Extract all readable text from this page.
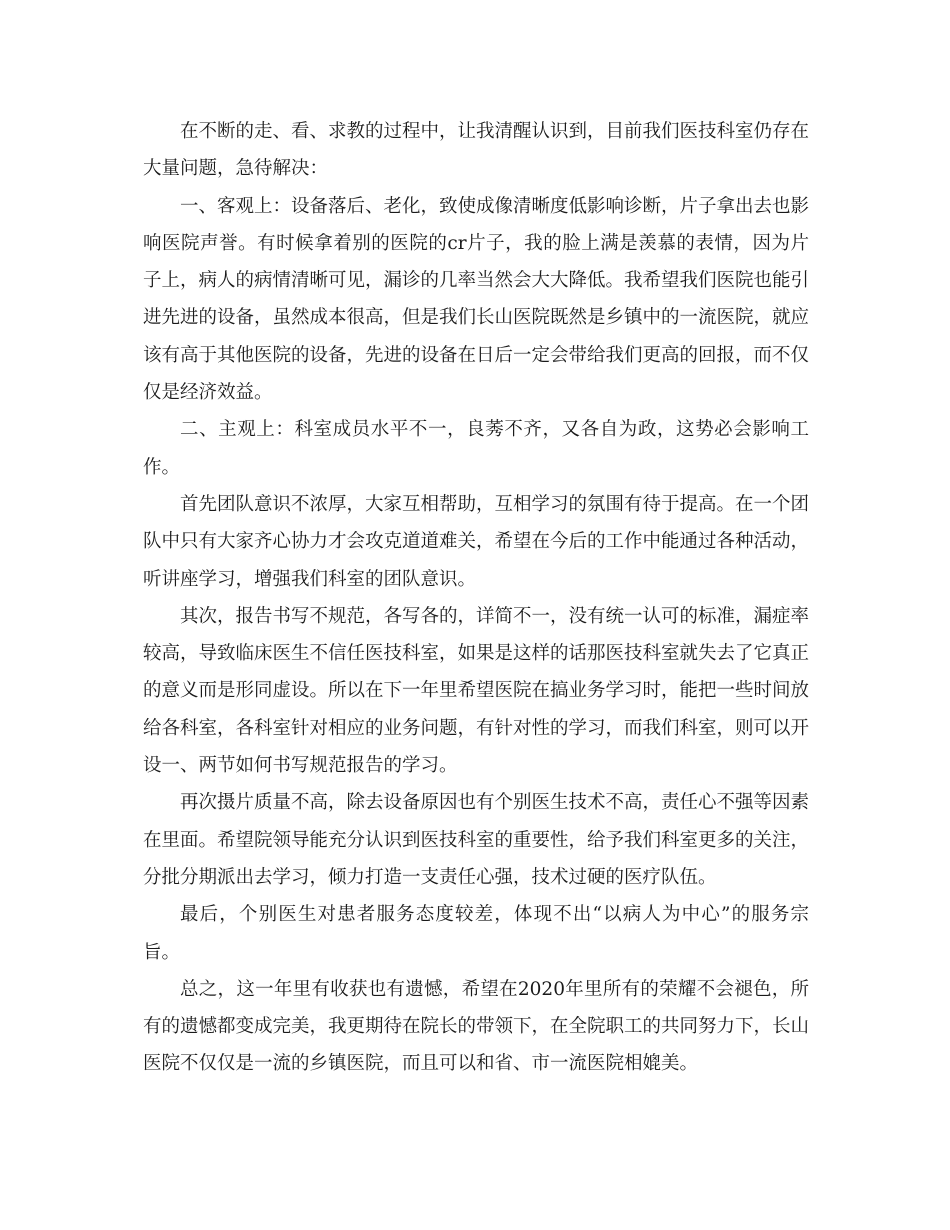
在不断的走、看、求教的过程中，让我清醒认识到，目前我们医技科室仍存在大量问题，急待解决：

一、客观上：设备落后、老化，致使成像清晰度低影响诊断，片子拿出去也影响医院声誉。有时候拿着别的医院的cr片子，我的脸上满是羡慕的表情，因为片子上，病人的病情清晰可见，漏诊的几率当然会大大降低。我希望我们医院也能引进先进的设备，虽然成本很高，但是我们长山医院既然是乡镇中的一流医院，就应该有高于其他医院的设备，先进的设备在日后一定会带给我们更高的回报，而不仅仅是经济效益。

二、主观上：科室成员水平不一，良莠不齐，又各自为政，这势必会影响工作。

首先团队意识不浓厚，大家互相帮助，互相学习的氛围有待于提高。在一个团队中只有大家齐心协力才会攻克道道难关，希望在今后的工作中能通过各种活动，听讲座学习，增强我们科室的团队意识。

其次，报告书写不规范，各写各的，详简不一，没有统一认可的标准，漏症率较高，导致临床医生不信任医技科室，如果是这样的话那医技科室就失去了它真正的意义而是形同虚设。所以在下一年里希望医院在搞业务学习时，能把一些时间放给各科室，各科室针对相应的业务问题，有针对性的学习，而我们科室，则可以开设一、两节如何书写规范报告的学习。

再次摄片质量不高，除去设备原因也有个别医生技术不高，责任心不强等因素在里面。希望院领导能充分认识到医技科室的重要性，给予我们科室更多的关注，分批分期派出去学习，倾力打造一支责任心强，技术过硬的医疗队伍。

最后，个别医生对患者服务态度较差，体现不出“以病人为中心”的服务宗旨。

总之，这一年里有收获也有遗憾，希望在2020年里所有的荣耀不会褪色，所有的遗憾都变成完美，我更期待在院长的带领下，在全院职工的共同努力下，长山医院不仅仅是一流的乡镇医院，而且可以和省、市一流医院相媲美。
